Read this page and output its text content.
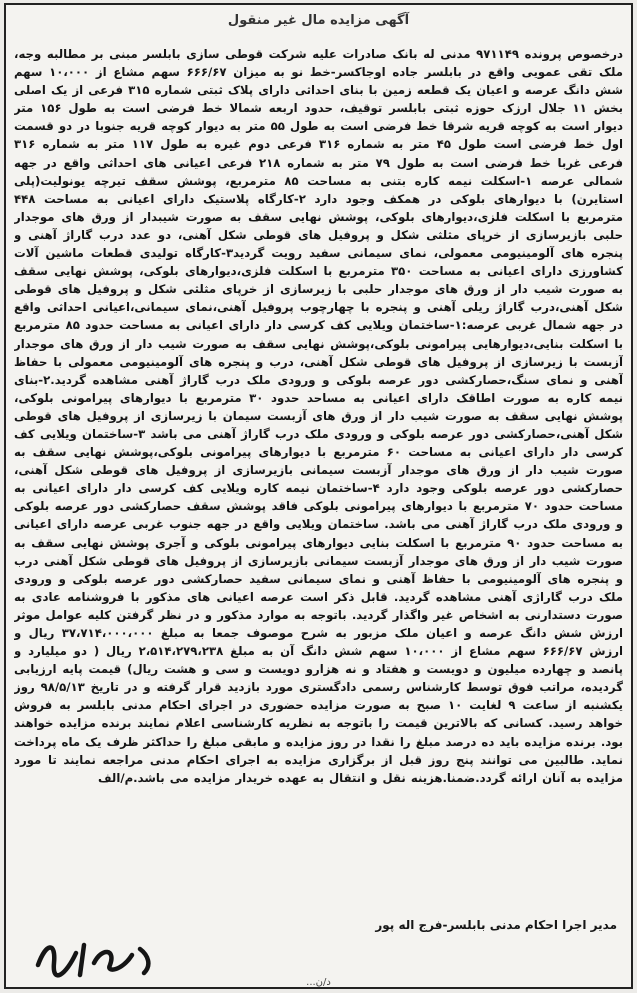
آگهی مزایده مال غیر منقول

درخصوص پرونده ۹۷۱۱۴۹ مدنی له بانک صادرات علیه شرکت قوطی سازی بابلسر مبنی بر مطالبه وجه، ملک تقی عمویی واقع در بابلسر جاده اوجاکسر-خط نو به میزان ۶۶۶/۶۷ سهم مشاع از ۱۰،۰۰۰ سهم شش دانگ عرصه و اعیان یک قطعه زمین با بنای احداثی دارای پلاک ثبتی شماره ۳۱۵ فرعی از یک اصلی بخش ۱۱ جلال ارزک حوزه ثبتی بابلسر توقیف، حدود اربعه شمالا خط فرضی است به طول ۱۵۶ متر دیوار است به کوچه قریه شرقا خط فرضی است به طول ۵۵ متر به دیوار کوچه قریه جنوبا در دو قسمت اول خط فرضی است طول ۴۵ متر به شماره ۳۱۶ فرعی دوم غیره به طول ۱۱۷ متر به شماره ۳۱۶ فرعی غربا خط فرضی است به طول ۷۹ متر به شماره ۲۱۸ فرعی اعیانی های احداثی واقع در جهه شمالی عرصه ۱-اسکلت نیمه کاره بتنی به مساحت ۸۵ مترمربع، پوشش سقف تیرچه یونولیت(پلی استایرن) با دیوارهای بلوکی در همکف وجود دارد ۲-کارگاه پلاستیک دارای اعیانی به مساحت ۴۴۸ مترمربع با اسکلت فلزی،دیوارهای بلوکی، پوشش نهایی سقف به صورت شیبدار از ورق های موجدار حلبی بازیرسازی از خرپای مثلثی شکل و پروفیل های قوطی شکل آهنی، دو عدد درب گاراژ آهنی و پنجره های آلومینیومی معمولی، نمای سیمانی سفید رویت گردید۳-کارگاه تولیدی قطعات ماشین آلات کشاورزی دارای اعیانی به مساحت ۳۵۰ مترمربع با اسکلت فلزی،دیوارهای بلوکی، پوشش نهایی سقف به صورت شیب دار از ورق های موجدار حلبی با زیرسازی از خرپای مثلثی شکل و پروفیل های قوطی شکل آهنی،درب گاراژ ریلی آهنی و پنجره با چهارچوب پروفیل آهنی،نمای سیمانی،اعیانی احداثی واقع در جهه شمال غربی عرصه:۱-ساختمان ویلایی کف کرسی دار دارای اعیانی به مساحت حدود ۸۵ مترمربع با اسکلت بنایی،دیوارهایی پیرامونی بلوکی،پوشش نهایی سقف به صورت شیب دار از ورق های موجدار آزبست با زیرسازی از پروفیل های قوطی شکل آهنی، درب و پنجره های آلومینیومی معمولی با حفاظ آهنی و نمای سنگ،حصارکشی دور عرصه بلوکی و ورودی ملک درب گاراژ آهنی مشاهده گردید.۲-بنای نیمه کاره به صورت اطاقک دارای اعیانی به مساحد حدود ۳۰ مترمربع با دیوارهای پیرامونی بلوکی، پوشش نهایی سقف به صورت شیب دار از ورق های آزبست سیمان با زیرسازی از پروفیل های قوطی شکل آهنی،حصارکشی دور عرصه بلوکی و ورودی ملک درب گاراژ آهنی می باشد ۳-ساختمان ویلایی کف کرسی دار دارای اعیانی به مساحت ۶۰ مترمربع با دیوارهای پیرامونی بلوکی،پوشش نهایی سقف به صورت شیب دار از ورق های موجدار آزبست سیمانی بازیرسازی از پروفیل های قوطی شکل آهنی، حصارکشی دور عرصه بلوکی وجود دارد ۴-ساختمان نیمه کاره ویلایی کف کرسی دار دارای اعیانی به مساحت حدود ۷۰ مترمربع با دیوارهای پیرامونی بلوکی فاقد پوشش سقف حصارکشی دور عرصه بلوکی و ورودی ملک درب گاراژ آهنی می باشد. ساختمان ویلایی واقع در جهه جنوب غربی عرصه دارای اعیانی به مساحت حدود ۹۰ مترمربع با اسکلت بنایی دیوارهای پیرامونی بلوکی و آجری پوشش نهایی سقف به صورت شیب دار از ورق های موجدار آزبست سیمانی بازیرسازی از پروفیل های قوطی شکل آهنی درب و پنجره های آلومینیومی با حفاظ آهنی و نمای سیمانی سفید حصارکشی دور عرصه بلوکی و ورودی ملک درب گاراژی آهنی مشاهده گردید. قابل ذکر است عرصه اعیانی های مذکور با فروشنامه عادی به صورت دستدارنی به اشخاص غیر واگذار گردید. باتوجه به موارد مذکور و در نظر گرفتن کلیه عوامل موثر ارزش شش دانگ عرصه و اعیان ملک مزبور به شرح موصوف جمعا به مبلغ ۳۷،۷۱۴،۰۰۰،۰۰۰ ریال و ارزش ۶۶۶/۶۷ سهم مشاع از ۱۰،۰۰۰ سهم شش دانگ آن به مبلغ ۲،۵۱۴،۲۷۹،۲۳۸ ریال ( دو میلیارد و پانصد و چهارده میلیون و دویست و هفتاد و نه هزارو دویست و سی و هشت ریال) قیمت پایه ارزیابی گردیده، مراتب فوق توسط کارشناس رسمی دادگستری مورد بازدید قرار گرفته و در تاریخ ۹۸/۵/۱۳ روز یکشنبه از ساعت ۹ لغایت ۱۰ صبح به صورت مزایده حضوری در اجرای احکام مدنی بابلسر به فروش خواهد رسید. کسانی که بالاترین قیمت را باتوجه به نظریه کارشناسی اعلام نمایند برنده مزایده خواهند بود. برنده مزایده باید ده درصد مبلغ را نقدا در روز مزایده و مابقی مبلغ را حداکثر ظرف یک ماه پرداخت نماید. طالبین می توانند پنج روز قبل از برگزاری مزایده به اجرای احکام مدنی مراجعه نمایند تا مورد مزایده به آنان ارائه گردد.ضمنا.هزینه نقل و انتقال به عهده خریدار مزایده می باشد.م/الف

مدیر اجرا احکام مدنی بابلسر-فرج اله پور
د/ن...
